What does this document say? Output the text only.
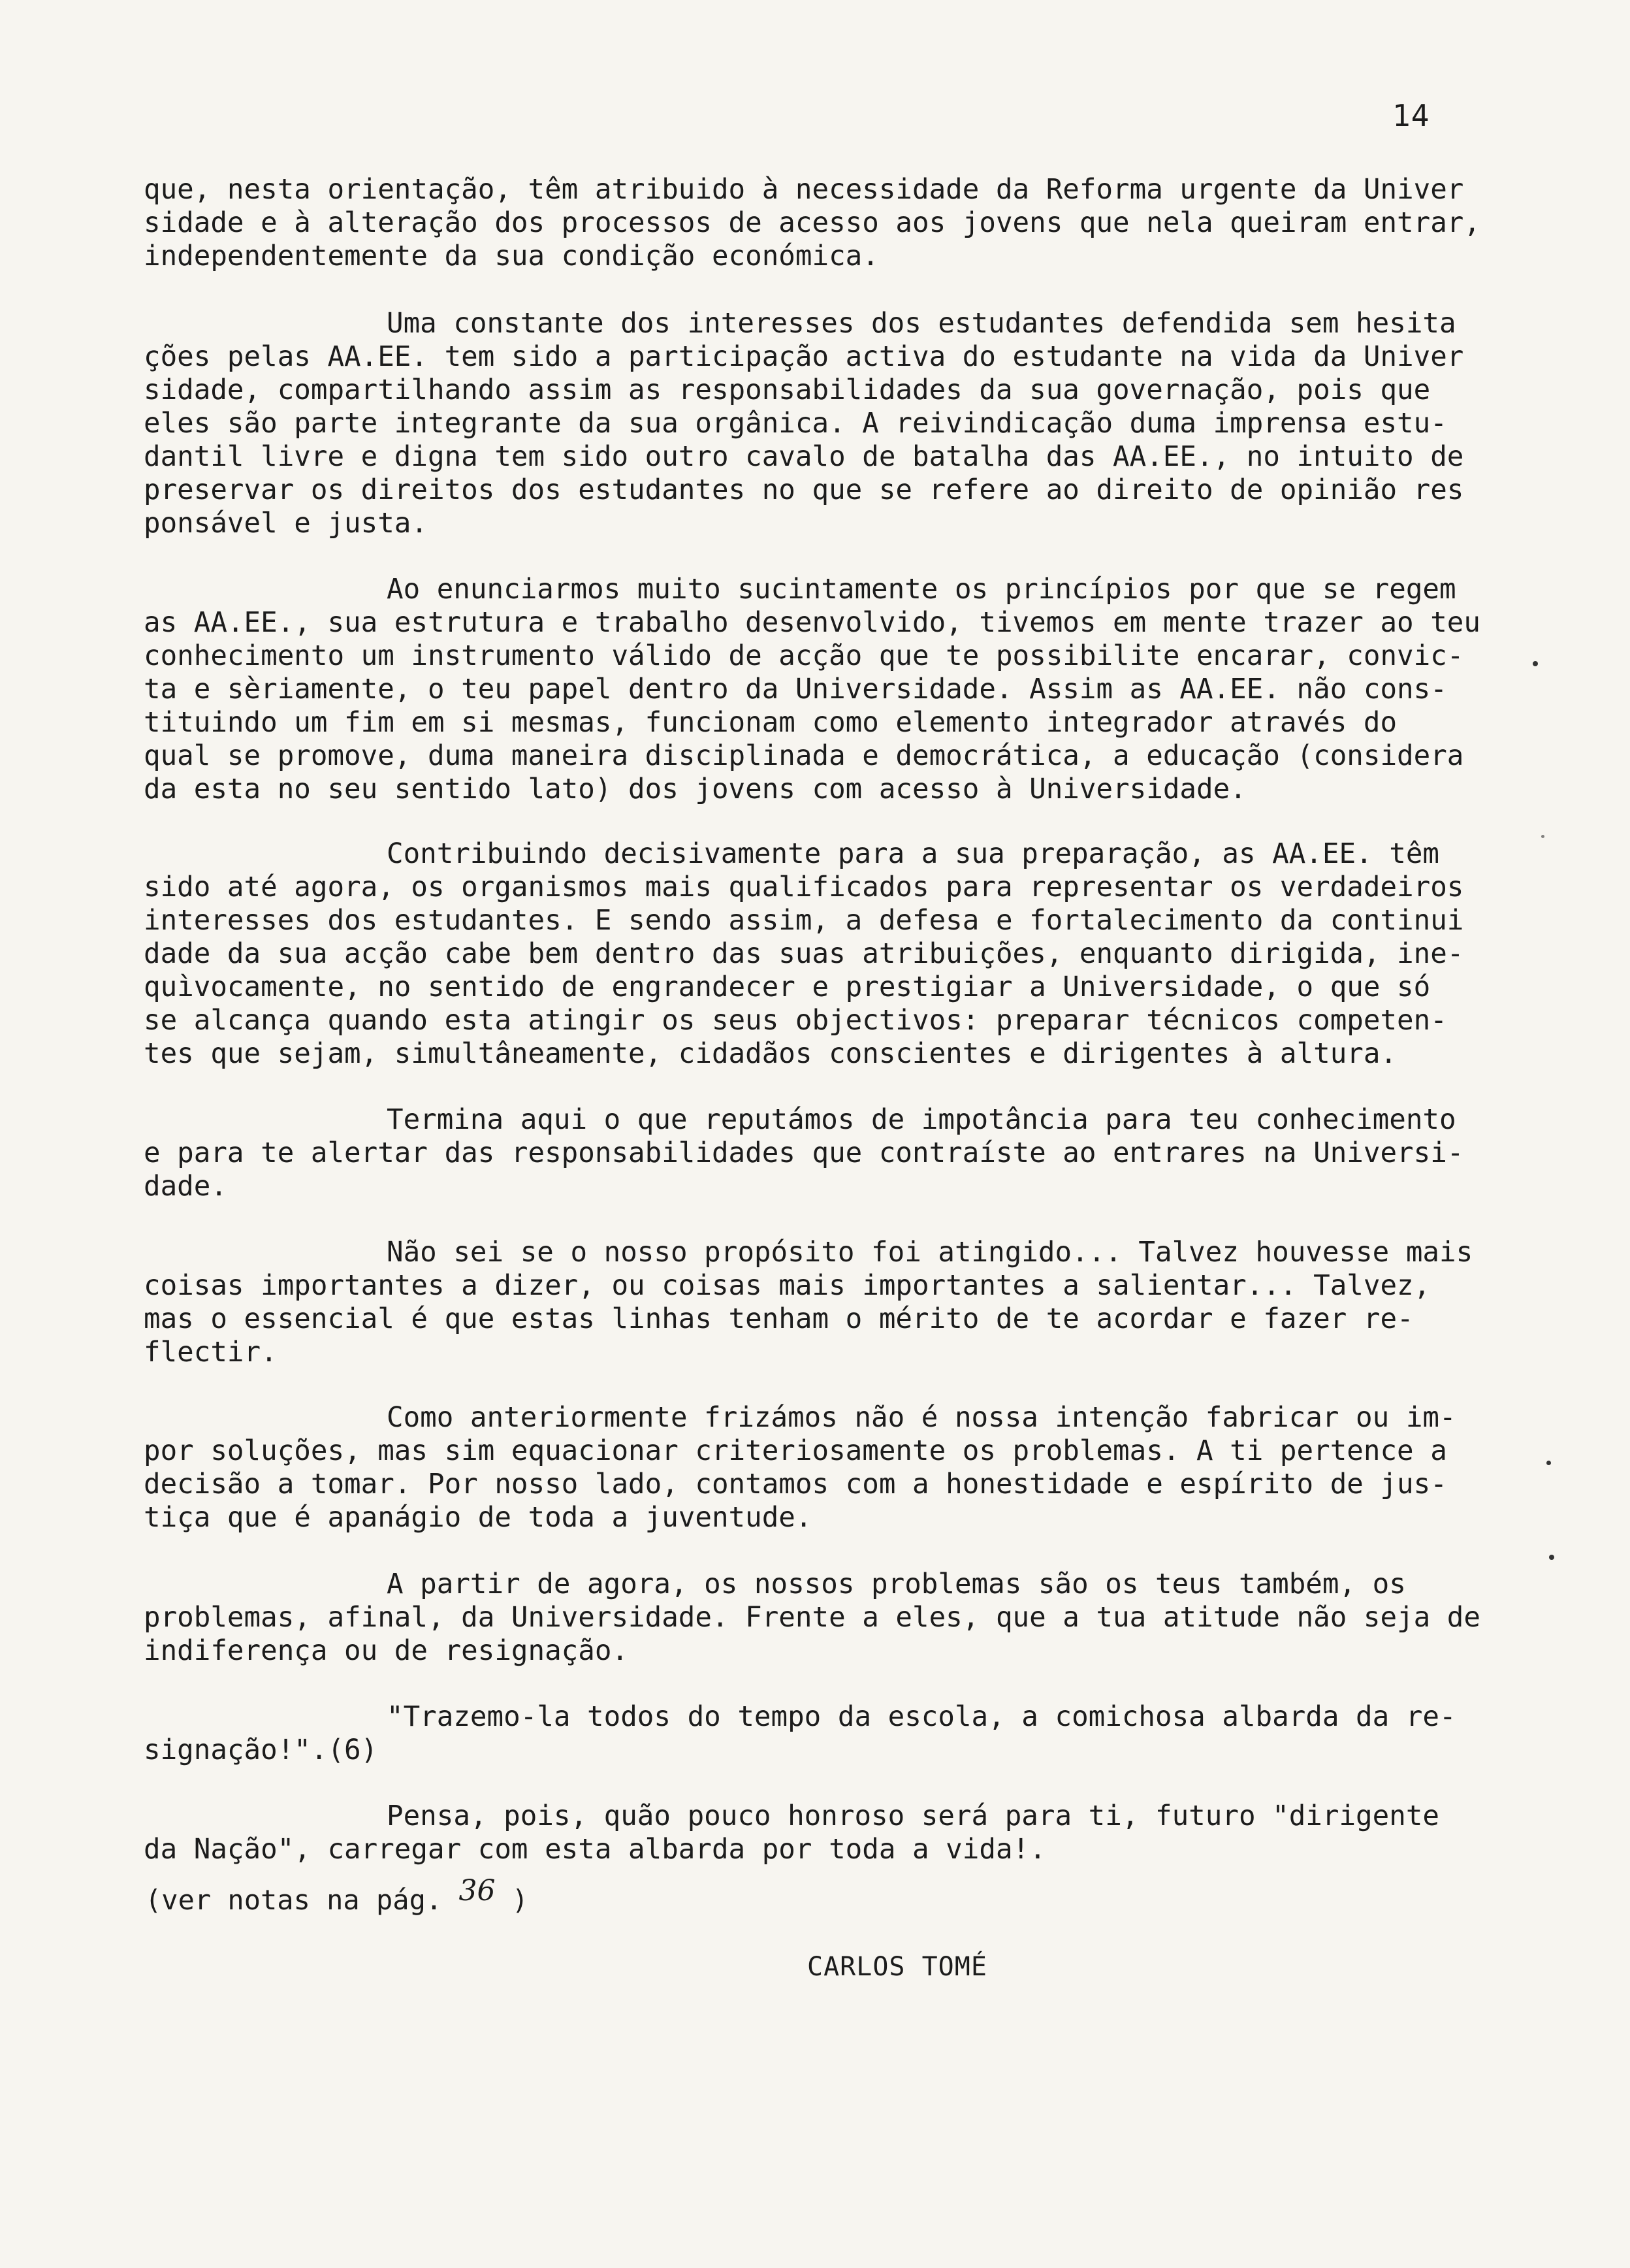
14
que, nesta orientação, têm atribuido à necessidade da Reforma urgente da Univer
sidade e à alteração dos processos de acesso aos jovens que nela queiram entrar,
independentemente da sua condição económica.
Uma constante dos interesses dos estudantes defendida sem hesita
ções pelas AA.EE. tem sido a participação activa do estudante na vida da Univer
sidade, compartilhando assim as responsabilidades da sua governação, pois que
eles são parte integrante da sua orgânica. A reivindicação duma imprensa estu-
dantil livre e digna tem sido outro cavalo de batalha das AA.EE., no intuito de
preservar os direitos dos estudantes no que se refere ao direito de opinião res
ponsável e justa.
Ao enunciarmos muito sucintamente os princípios por que se regem
as AA.EE., sua estrutura e trabalho desenvolvido, tivemos em mente trazer ao teu
conhecimento um instrumento válido de acção que te possibilite encarar, convic-
ta e sèriamente, o teu papel dentro da Universidade. Assim as AA.EE. não cons-
tituindo um fim em si mesmas, funcionam como elemento integrador através do
qual se promove, duma maneira disciplinada e democrática, a educação (considera
da esta no seu sentido lato) dos jovens com acesso à Universidade.
Contribuindo decisivamente para a sua preparação, as AA.EE. têm
sido até agora, os organismos mais qualificados para representar os verdadeiros
interesses dos estudantes. E sendo assim, a defesa e fortalecimento da continui
dade da sua acção cabe bem dentro das suas atribuições, enquanto dirigida, ine-
quìvocamente, no sentido de engrandecer e prestigiar a Universidade, o que só
se alcança quando esta atingir os seus objectivos: preparar técnicos competen-
tes que sejam, simultâneamente, cidadãos conscientes e dirigentes à altura.
Termina aqui o que reputámos de impotância para teu conhecimento
e para te alertar das responsabilidades que contraíste ao entrares na Universi-
dade.
Não sei se o nosso propósito foi atingido... Talvez houvesse mais
coisas importantes a dizer, ou coisas mais importantes a salientar... Talvez,
mas o essencial é que estas linhas tenham o mérito de te acordar e fazer re-
flectir.
Como anteriormente frizámos não é nossa intenção fabricar ou im-
por soluções, mas sim equacionar criteriosamente os problemas. A ti pertence a
decisão a tomar. Por nosso lado, contamos com a honestidade e espírito de jus-
tiça que é apanágio de toda a juventude.
A partir de agora, os nossos problemas são os teus também, os
problemas, afinal, da Universidade. Frente a eles, que a tua atitude não seja de
indiferença ou de resignação.
"Trazemo-la todos do tempo da escola, a comichosa albarda da re-
signação!".(6)
Pensa, pois, quão pouco honroso será para ti, futuro "dirigente
da Nação", carregar com esta albarda por toda a vida!.
(ver notas na pág. 36 )
CARLOS TOMÉ
